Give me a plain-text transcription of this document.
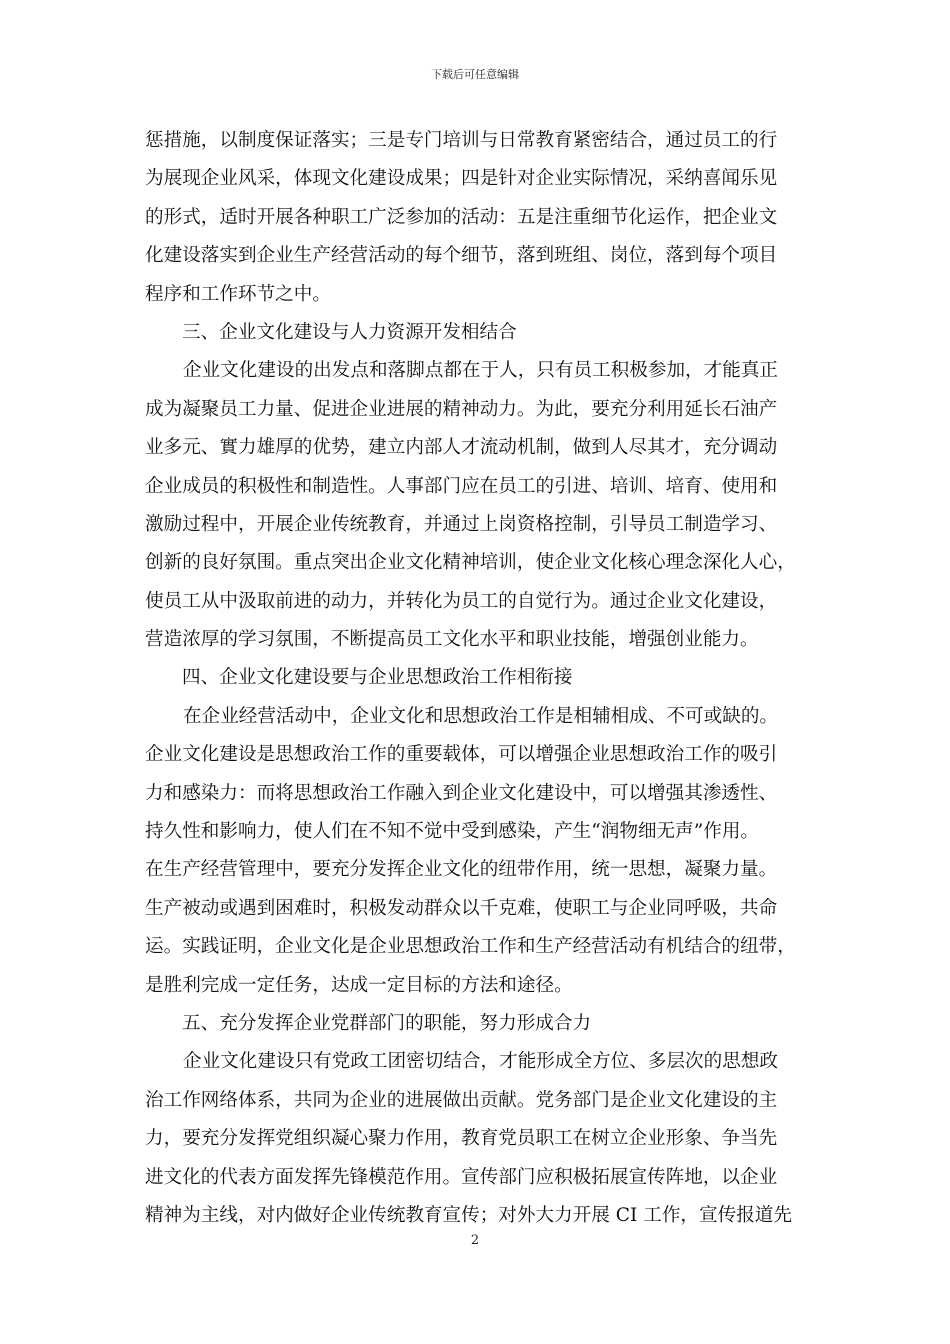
下载后可任意编辑
惩措施，以制度保证落实；三是专门培训与日常教育紧密结合，通过员工的行
为展现企业风采，体现文化建设成果；四是针对企业实际情况，采纳喜闻乐见
的形式，适时开展各种职工广泛参加的活动：五是注重细节化运作，把企业文
化建设落实到企业生产经营活动的每个细节，落到班组、岗位，落到每个项目
程序和工作环节之中。
三、企业文化建设与人力资源开发相结合
企业文化建设的出发点和落脚点都在于人，只有员工积极参加，才能真正
成为凝聚员工力量、促进企业进展的精神动力。为此，要充分利用延长石油产
业多元、實力雄厚的优势，建立内部人才流动机制，做到人尽其才，充分调动
企业成员的积极性和制造性。人事部门应在员工的引进、培训、培育、使用和
激励过程中，开展企业传统教育，并通过上岗资格控制，引导员工制造学习、
创新的良好氛围。重点突出企业文化精神培训，使企业文化核心理念深化人心，
使员工从中汲取前进的动力，并转化为员工的自觉行为。通过企业文化建设，
营造浓厚的学习氛围，不断提高员工文化水平和职业技能，增强创业能力。
四、企业文化建设要与企业思想政治工作相衔接
在企业经营活动中，企业文化和思想政治工作是相辅相成、不可或缺的。
企业文化建设是思想政治工作的重要载体，可以增强企业思想政治工作的吸引
力和感染力：而将思想政治工作融入到企业文化建设中，可以增强其渗透性、
持久性和影响力，使人们在不知不觉中受到感染，产生“润物细无声”作用。
在生产经营管理中，要充分发挥企业文化的纽带作用，统一思想，凝聚力量。
生产被动或遇到困难时，积极发动群众以千克难，使职工与企业同呼吸，共命
运。实践证明，企业文化是企业思想政治工作和生产经营活动有机结合的纽带，
是胜利完成一定任务，达成一定目标的方法和途径。
五、充分发挥企业党群部门的职能，努力形成合力
企业文化建设只有党政工团密切结合，才能形成全方位、多层次的思想政
治工作网络体系，共同为企业的进展做出贡献。党务部门是企业文化建设的主
力，要充分发挥党组织凝心聚力作用，教育党员职工在树立企业形象、争当先
进文化的代表方面发挥先锋模范作用。宣传部门应积极拓展宣传阵地，以企业
精神为主线，对内做好企业传统教育宣传；对外大力开展 CI 工作，宣传报道先
2
